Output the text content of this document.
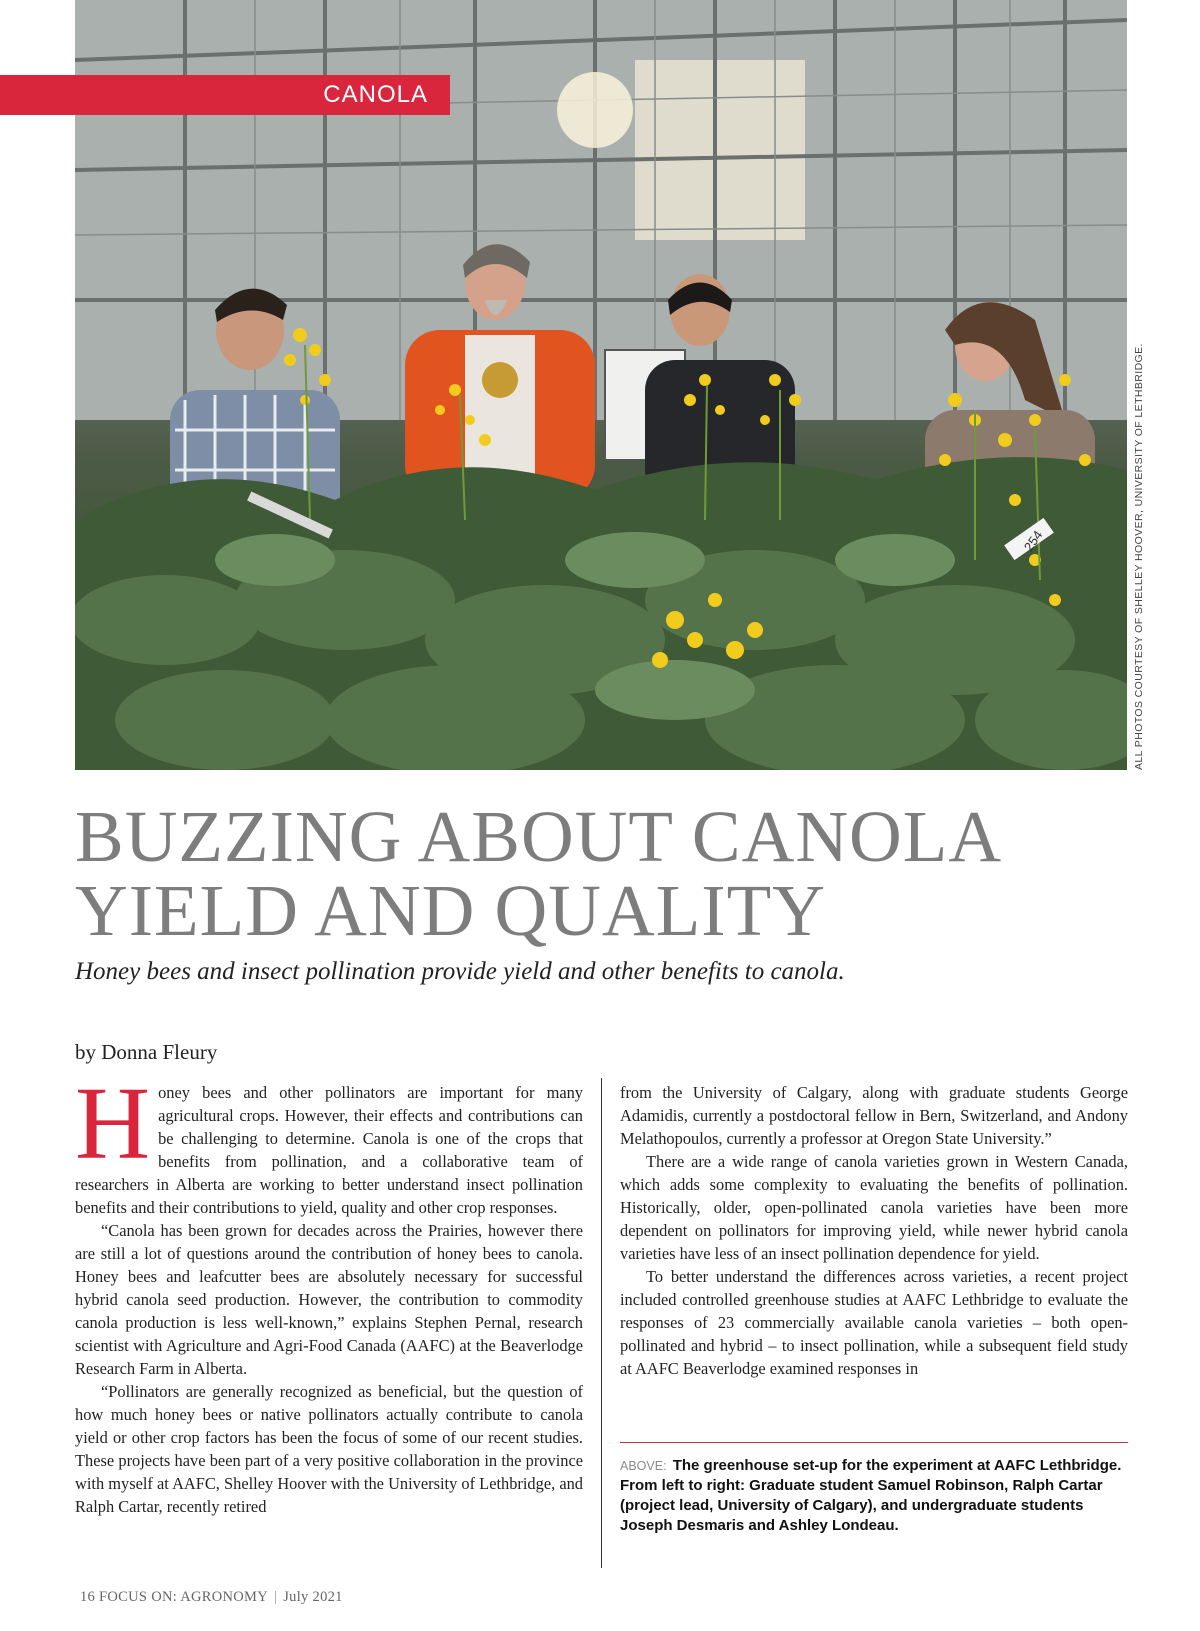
254
CANOLA
ALL PHOTOS COURTESY OF SHELLEY HOOVER, UNIVERSITY OF LETHBRIDGE.
BUZZING ABOUT CANOLA
YIELD AND QUALITY

Honey bees and insect pollination provide yield and other benefits to canola.

by Donna Fleury

Honey bees and other pollinators are important for many agricultural crops. However, their effects and contributions can be challenging to determine. Canola is one of the crops that benefits from pollination, and a collaborative team of researchers in Alberta are working to better understand insect pollination benefits and their contributions to yield, quality and other crop responses.

“Canola has been grown for decades across the Prairies, however there are still a lot of questions around the contribution of honey bees to canola. Honey bees and leafcutter bees are absolutely necessary for successful hybrid canola seed production. However, the contribution to commodity canola production is less well-known,” explains Stephen Pernal, research scientist with Agriculture and Agri-Food Canada (AAFC) at the Beaverlodge Research Farm in Alberta.

“Pollinators are generally recognized as beneficial, but the question of how much honey bees or native pollinators actually contribute to canola yield or other crop factors has been the focus of some of our recent studies. These projects have been part of a very positive collaboration in the province with myself at AAFC, Shelley Hoover with the University of Lethbridge, and Ralph Cartar, recently retired

from the University of Calgary, along with graduate students George Adamidis, currently a postdoctoral fellow in Bern, Switzerland, and Andony Melathopoulos, currently a professor at Oregon State University.”

There are a wide range of canola varieties grown in Western Canada, which adds some complexity to evaluating the benefits of pollination. Historically, older, open-pollinated canola varieties have been more dependent on pollinators for improving yield, while newer hybrid canola varieties have less of an insect pollination dependence for yield.

To better understand the differences across varieties, a recent project included controlled greenhouse studies at AAFC Lethbridge to evaluate the responses of 23 commercially available canola varieties – both open-pollinated and hybrid – to insect pollination, while a subsequent field study at AAFC Beaverlodge examined responses in

ABOVE: The greenhouse set-up for the experiment at AAFC Lethbridge. From left to right: Graduate student Samuel Robinson, Ralph Cartar (project lead, University of Calgary), and undergraduate students Joseph Desmaris and Ashley Londeau.
16 FOCUS ON: AGRONOMY | July 2021
